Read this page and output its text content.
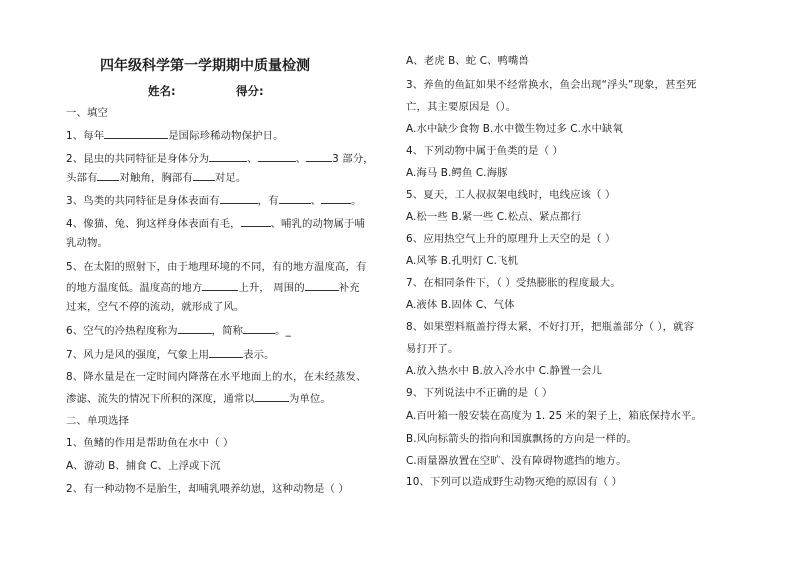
四年级科学第一学期期中质量检测
姓名:	得分:
一、填空
1、每年	是国际珍稀动物保护日。
2、昆虫的共同特征是身体分为	、	、	3 部分，
头部有 对触角，胸部有 对足。
3、鸟类的共同特征是身体表面有	，有	、	。
4、像猫、兔、狗这样身体表面有毛，	、哺乳的动物属于哺
乳动物。
5、在太阳的照射下，由于地理环境的不同，有的地方温度高，有
的地方温度低。温度高的地方	上升， 周围的	补充
过来，空气不停的流动，就形成了风。
6、空气的冷热程度称为	，简称	。_
7、风力是风的强度，气象上用	表示。
8、降水量是在一定时间内降落在水平地面上的水，在未经蒸发、
渗滤、流失的情况下所积的深度，通常以	为单位。
二、单项选择
1、鱼鳍的作用是帮助鱼在水中（ ）
A、游动 B、捕食 C、上浮或下沉
2、有一种动物不是胎生，却哺乳喂养幼崽，这种动物是（ ）
A、老虎 B、蛇 C、鸭嘴兽
3、养鱼的鱼缸如果不经常换水，鱼会出现“浮头”现象，甚至死
亡，其主要原因是（）。
A.水中缺少食物 B.水中微生物过多 C.水中缺氧
4、下列动物中属于鱼类的是（ ）
A.海马 B.鳄鱼 C.海豚
5、夏天，工人叔叔架电线时，电线应该（ ）
A.松一些 B.紧一些 C.松点、紧点都行
6、应用热空气上升的原理升上天空的是（ ）
A.风筝 B.孔明灯 C.飞机
7、在相同条件下，（ ）受热膨胀的程度最大。
A.液体 B.固体 C、气体
8、如果塑料瓶盖拧得太紧，不好打开，把瓶盖部分（ ），就容
易打开了。
A.放入热水中 B.放入冷水中 C.静置一会儿
9、下列说法中不正确的是（ ）
A.百叶箱一般安装在高度为 1. 25 米的架子上，箱底保持水平。
B.风向标箭头的指向和国旗飘扬的方向是一样的。
C.雨量器放置在空旷、没有障碍物遮挡的地方。
10、下列可以造成野生动物灭绝的原因有（ ）
